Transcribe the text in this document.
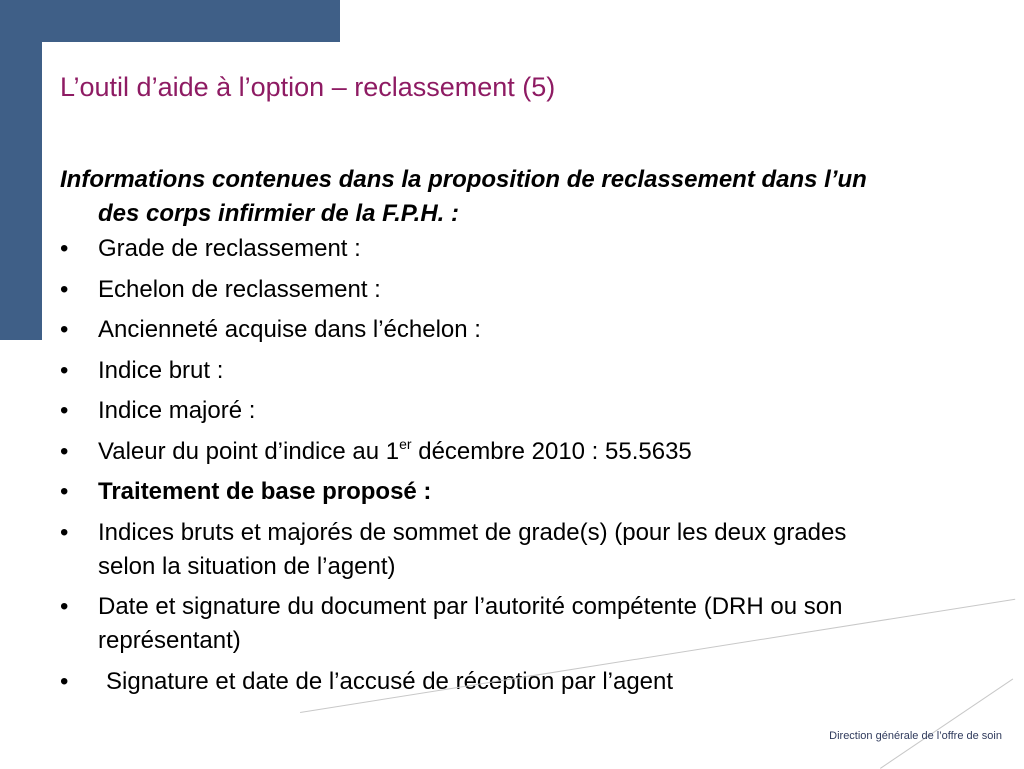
L’outil d’aide à l’option – reclassement (5)
Informations contenues dans la proposition de reclassement dans l’un
des corps infirmier de la F.P.H. :
• Grade de reclassement :
• Echelon de reclassement :
• Ancienneté acquise dans l’échelon :
• Indice brut :
• Indice majoré :
• Valeur du point d’indice au 1er décembre 2010 : 55.5635
• Traitement de base proposé :
• Indices bruts et majorés de sommet de grade(s) (pour les deux grades
selon la situation de l’agent)
• Date et signature du document par l’autorité compétente (DRH ou son
représentant)
• Signature et date de l’accusé de réception par l’agent
Direction générale de l’offre de soin
